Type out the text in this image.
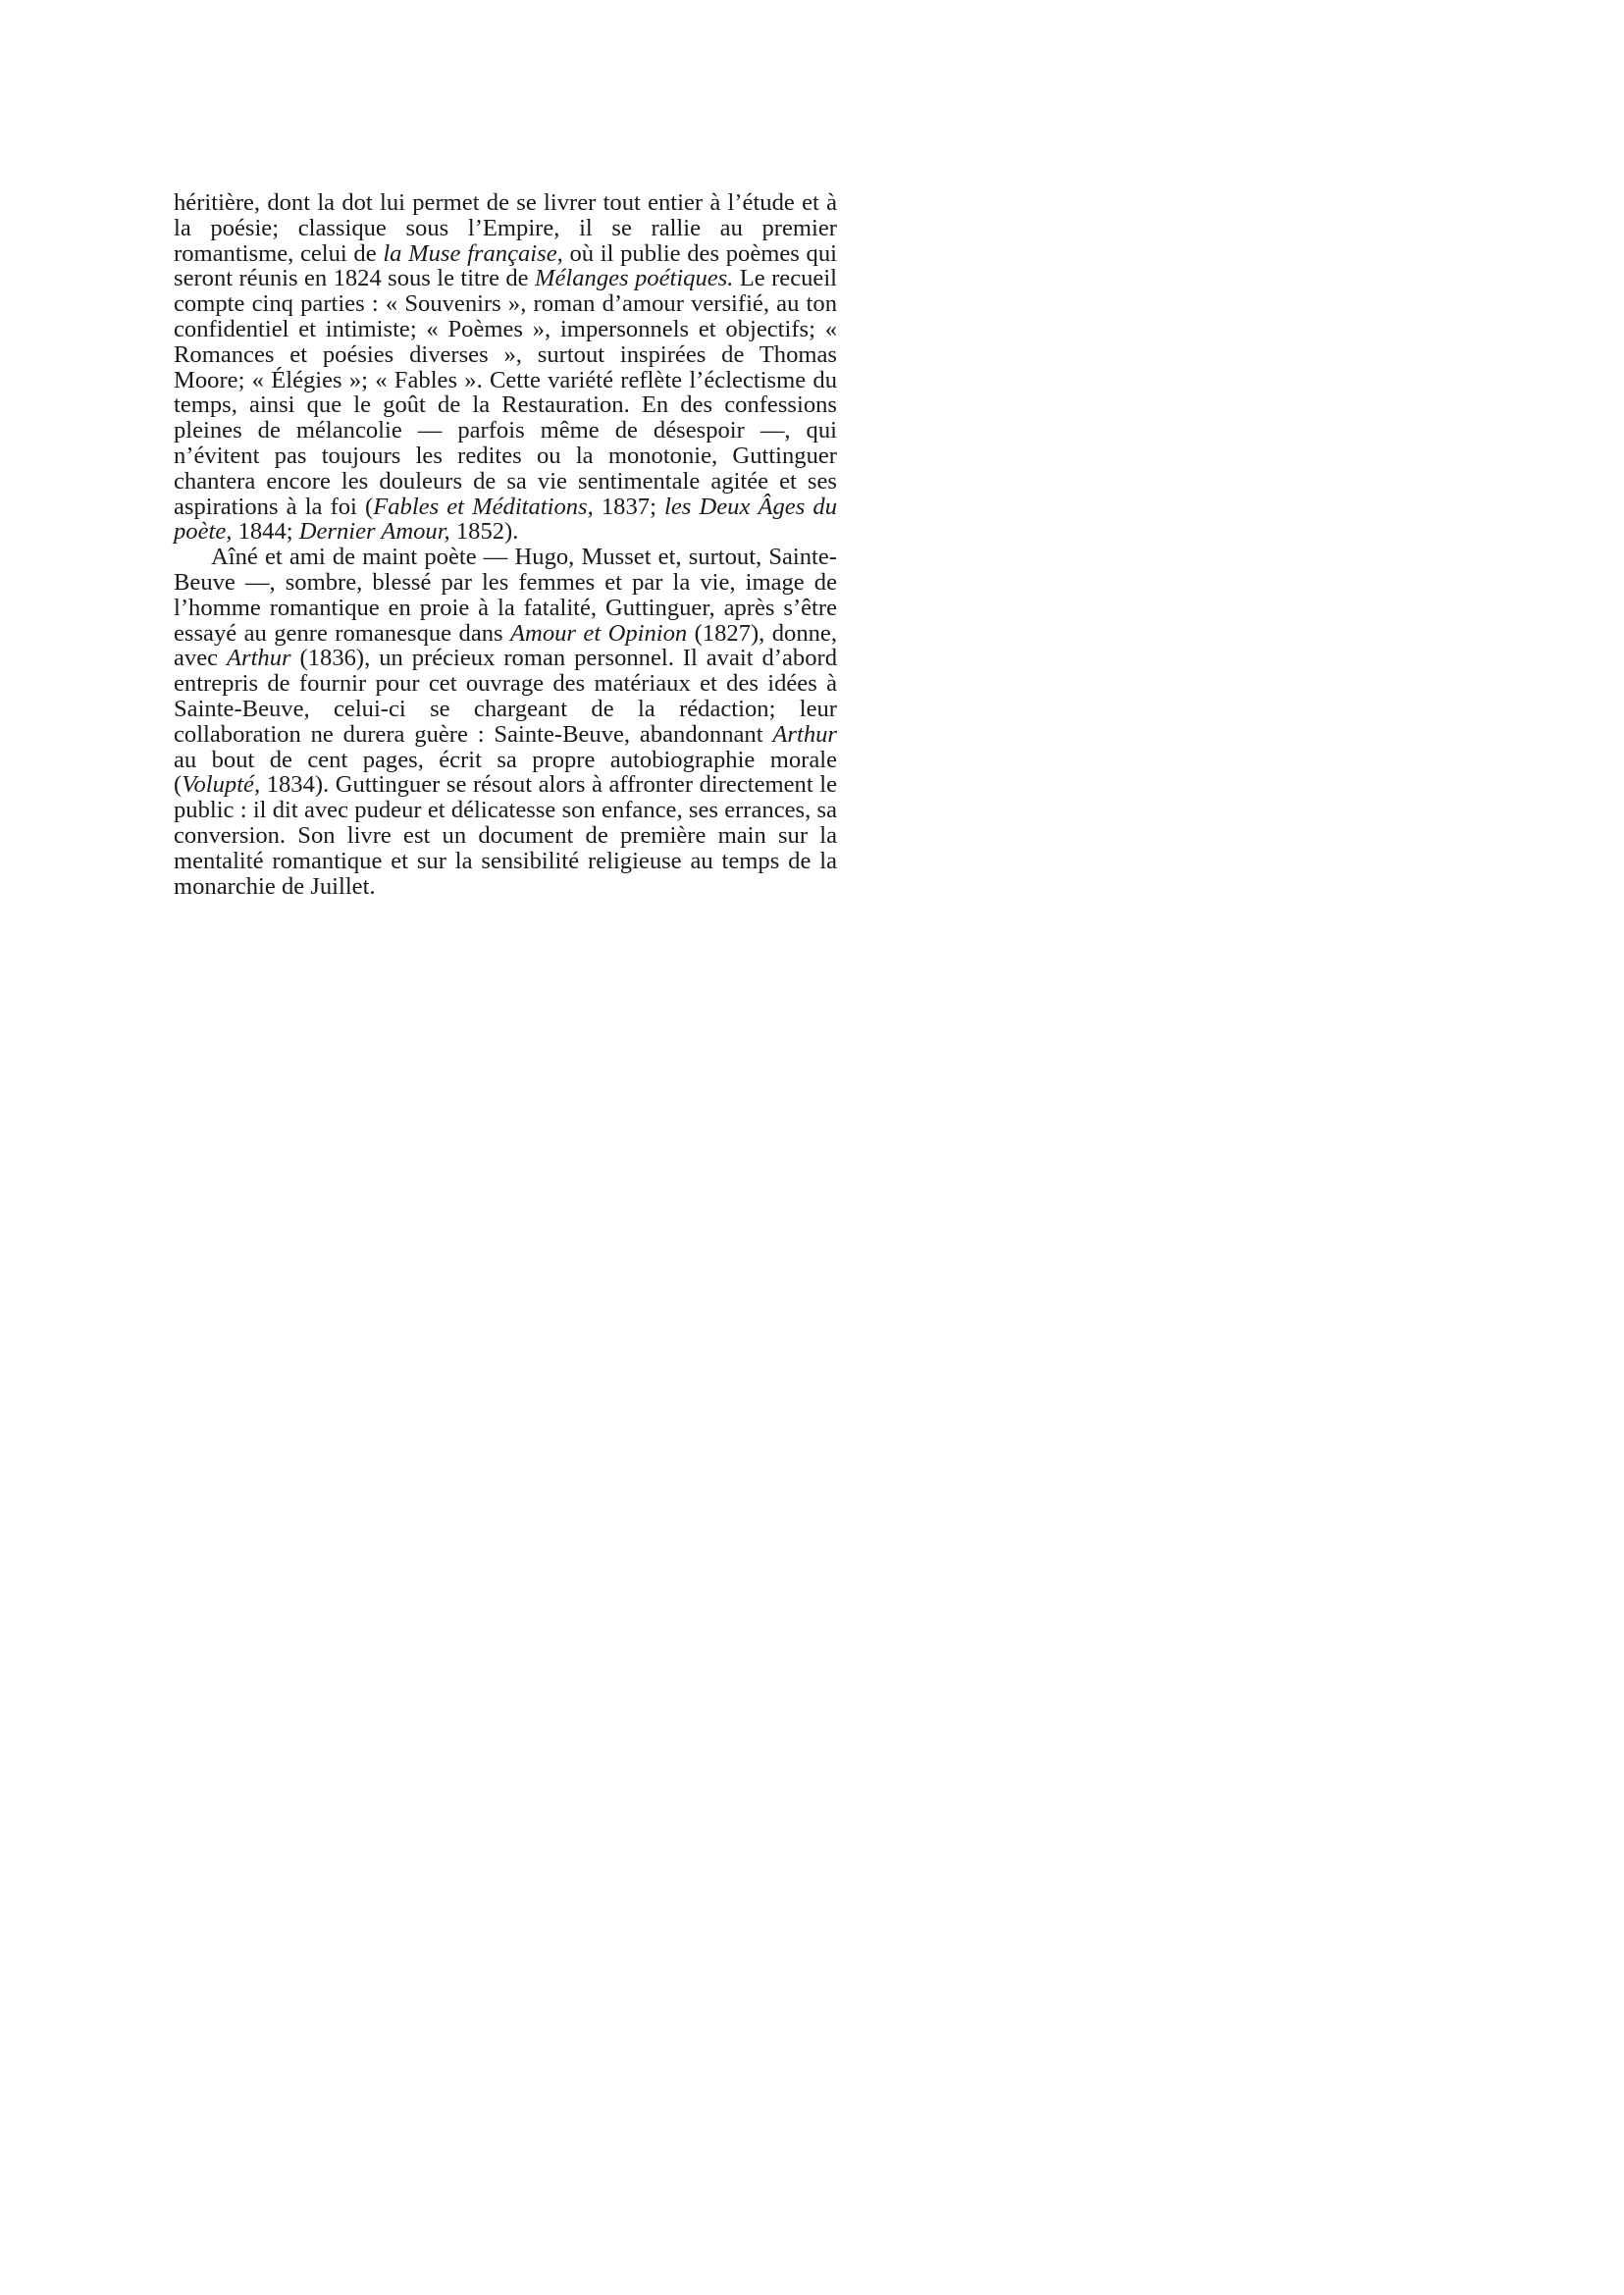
héritière, dont la dot lui permet de se livrer tout entier à l’étude et à la poésie; classique sous l’Empire, il se rallie au premier romantisme, celui de la Muse française, où il publie des poèmes qui seront réunis en 1824 sous le titre de Mélanges poétiques. Le recueil compte cinq parties : « Souvenirs », roman d’amour versifié, au ton confidentiel et intimiste; « Poèmes », impersonnels et objectifs; « Romances et poésies diverses », surtout inspirées de Thomas Moore; « Élégies »; « Fables ». Cette variété reflète l’éclectisme du temps, ainsi que le goût de la Restauration. En des confessions pleines de mélancolie — parfois même de désespoir —, qui n’évitent pas toujours les redites ou la monotonie, Guttinguer chantera encore les douleurs de sa vie sentimentale agitée et ses aspirations à la foi (Fables et Méditations, 1837; les Deux Âges du poète, 1844; Dernier Amour, 1852).

Aîné et ami de maint poète — Hugo, Musset et, surtout, Sainte-Beuve —, sombre, blessé par les femmes et par la vie, image de l’homme romantique en proie à la fatalité, Guttinguer, après s’être essayé au genre romanesque dans Amour et Opinion (1827), donne, avec Arthur (1836), un précieux roman personnel. Il avait d’abord entrepris de fournir pour cet ouvrage des matériaux et des idées à Sainte-Beuve, celui-ci se chargeant de la rédaction; leur collaboration ne durera guère : Sainte-Beuve, abandonnant Arthur au bout de cent pages, écrit sa propre autobiographie morale (Volupté, 1834). Guttinguer se résout alors à affronter directement le public : il dit avec pudeur et délicatesse son enfance, ses errances, sa conversion. Son livre est un document de première main sur la mentalité romantique et sur la sensibilité religieuse au temps de la monarchie de Juillet.
